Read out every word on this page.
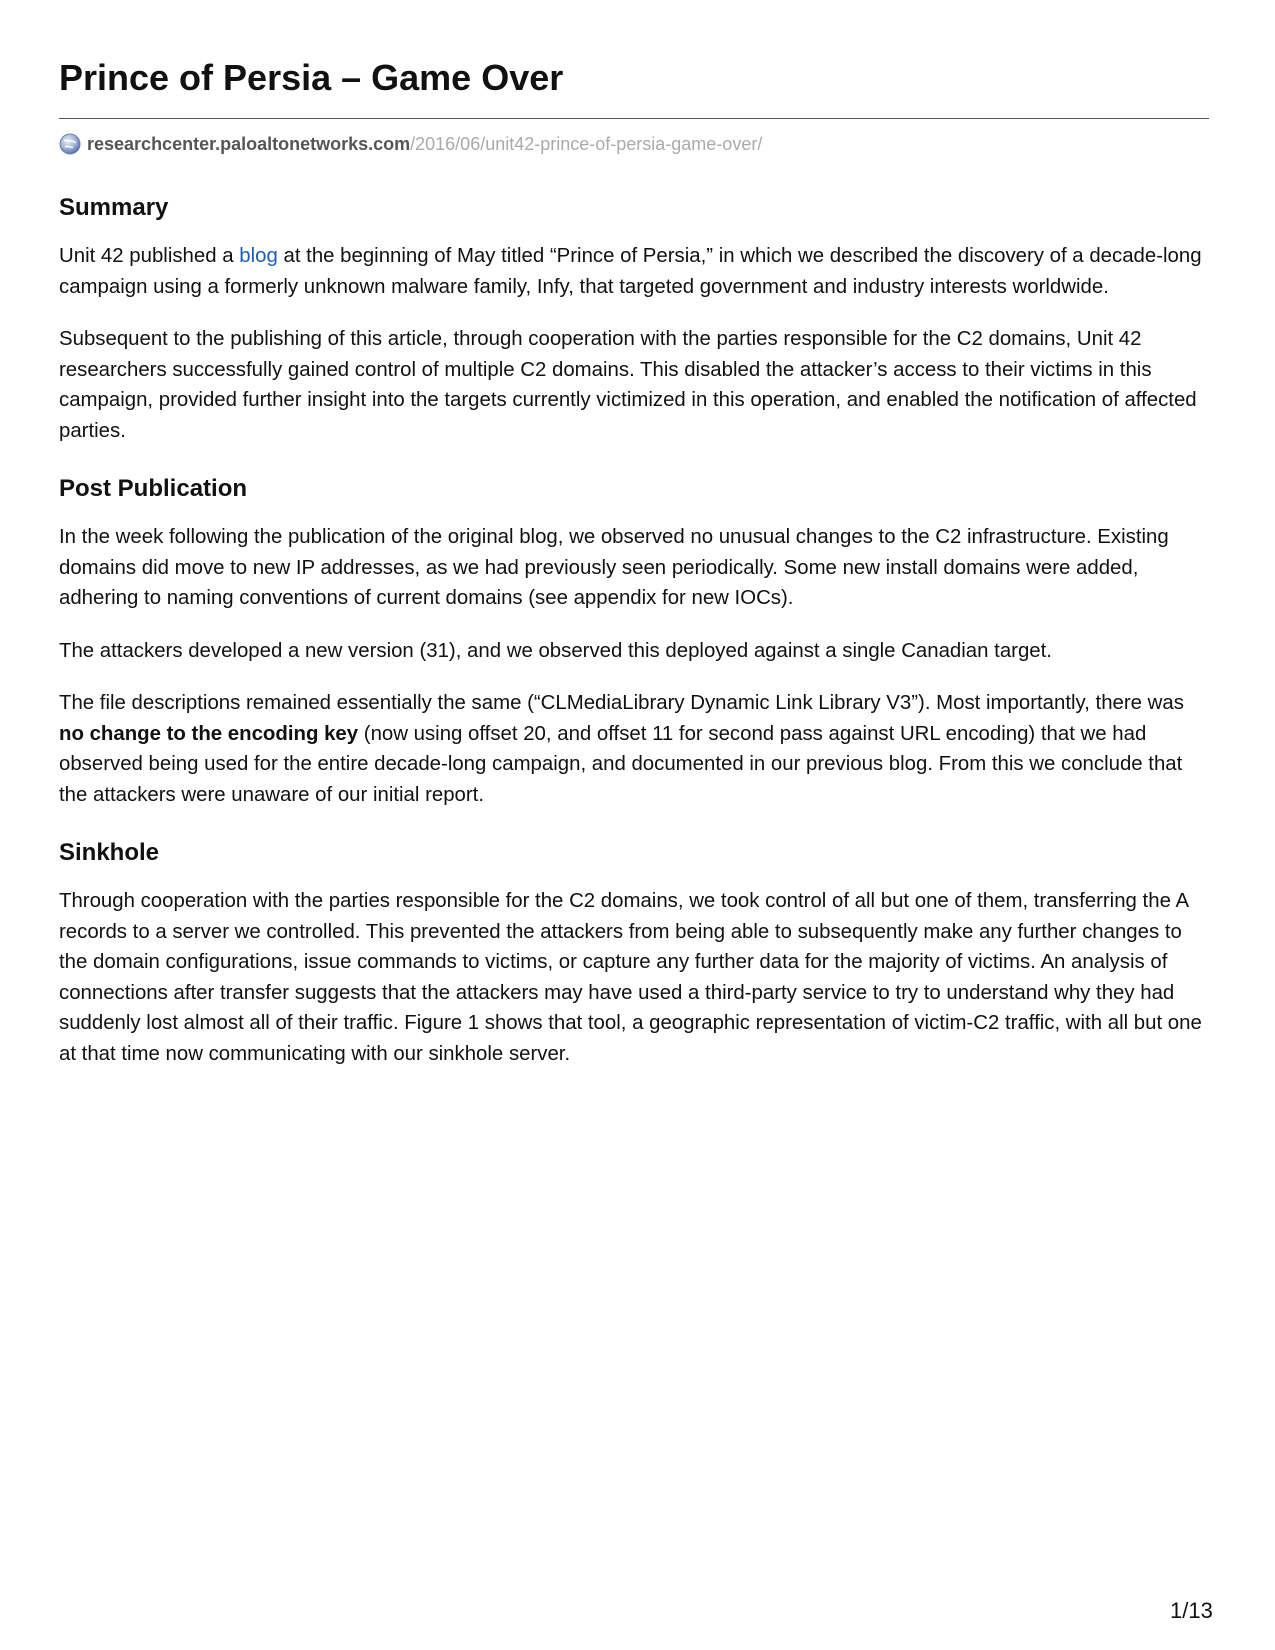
Prince of Persia – Game Over
researchcenter.paloaltonetworks.com /2016/06/unit42-prince-of-persia-game-over/
Summary

Unit 42 published a blog at the beginning of May titled “Prince of Persia,” in which we described the discovery of a decade-long campaign using a formerly unknown malware family, Infy, that targeted government and industry interests worldwide.

Subsequent to the publishing of this article, through cooperation with the parties responsible for the C2 domains, Unit 42 researchers successfully gained control of multiple C2 domains. This disabled the attacker’s access to their victims in this campaign, provided further insight into the targets currently victimized in this operation, and enabled the notification of affected parties.

Post Publication

In the week following the publication of the original blog, we observed no unusual changes to the C2 infrastructure. Existing domains did move to new IP addresses, as we had previously seen periodically. Some new install domains were added, adhering to naming conventions of current domains (see appendix for new IOCs).

The attackers developed a new version (31), and we observed this deployed against a single Canadian target.

The file descriptions remained essentially the same (“CLMediaLibrary Dynamic Link Library V3”). Most importantly, there was no change to the encoding key (now using offset 20, and offset 11 for second pass against URL encoding) that we had observed being used for the entire decade-long campaign, and documented in our previous blog. From this we conclude that the attackers were unaware of our initial report.

Sinkhole

Through cooperation with the parties responsible for the C2 domains, we took control of all but one of them, transferring the A records to a server we controlled. This prevented the attackers from being able to subsequently make any further changes to the domain configurations, issue commands to victims, or capture any further data for the majority of victims. An analysis of connections after transfer suggests that the attackers may have used a third-party service to try to understand why they had suddenly lost almost all of their traffic. Figure 1 shows that tool, a geographic representation of victim-C2 traffic, with all but one at that time now communicating with our sinkhole server.

1/13
